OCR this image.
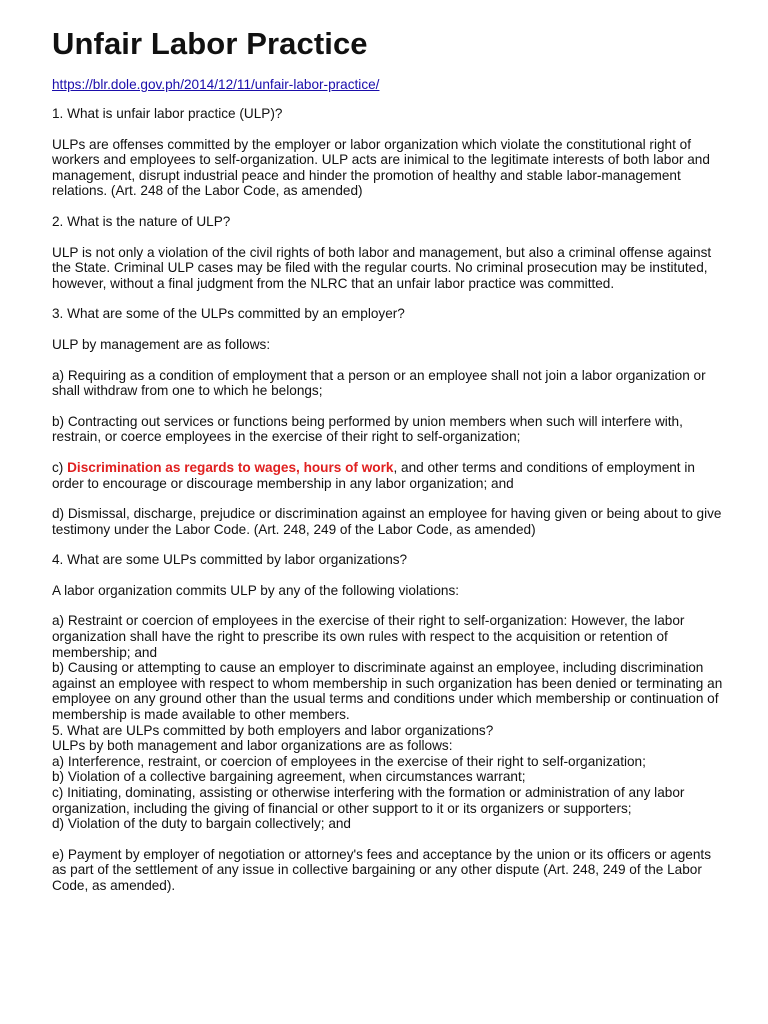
Unfair Labor Practice
https://blr.dole.gov.ph/2014/12/11/unfair-labor-practice/

1. What is unfair labor practice (ULP)?

ULPs are offenses committed by the employer or labor organization which violate the constitutional right of workers and employees to self-organization. ULP acts are inimical to the legitimate interests of both labor and management, disrupt industrial peace and hinder the promotion of healthy and stable labor-management relations. (Art. 248 of the Labor Code, as amended)

2. What is the nature of ULP?

ULP is not only a violation of the civil rights of both labor and management, but also a criminal offense against the State. Criminal ULP cases may be filed with the regular courts. No criminal prosecution may be instituted, however, without a final judgment from the NLRC that an unfair labor practice was committed.

3. What are some of the ULPs committed by an employer?

ULP by management are as follows:

a) Requiring as a condition of employment that a person or an employee shall not join a labor organization or shall withdraw from one to which he belongs;

b) Contracting out services or functions being performed by union members when such will interfere with, restrain, or coerce employees in the exercise of their right to self-organization;

c) Discrimination as regards to wages, hours of work, and other terms and conditions of employment in order to encourage or discourage membership in any labor organization; and

d) Dismissal, discharge, prejudice or discrimination against an employee for having given or being about to give testimony under the Labor Code. (Art. 248, 249 of the Labor Code, as amended)

4. What are some ULPs committed by labor organizations?

A labor organization commits ULP by any of the following violations:

a) Restraint or coercion of employees in the exercise of their right to self-organization: However, the labor organization shall have the right to prescribe its own rules with respect to the acquisition or retention of membership; and

b) Causing or attempting to cause an employer to discriminate against an employee, including discrimination against an employee with respect to whom membership in such organization has been denied or terminating an employee on any ground other than the usual terms and conditions under which membership or continuation of membership is made available to other members.

5. What are ULPs committed by both employers and labor organizations?

ULPs by both management and labor organizations are as follows:

a) Interference, restraint, or coercion of employees in the exercise of their right to self-organization;

b) Violation of a collective bargaining agreement, when circumstances warrant;

c) Initiating, dominating, assisting or otherwise interfering with the formation or administration of any labor organization, including the giving of financial or other support to it or its organizers or supporters;

d) Violation of the duty to bargain collectively; and

e) Payment by employer of negotiation or attorney's fees and acceptance by the union or its officers or agents as part of the settlement of any issue in collective bargaining or any other dispute (Art. 248, 249 of the Labor Code, as amended).
